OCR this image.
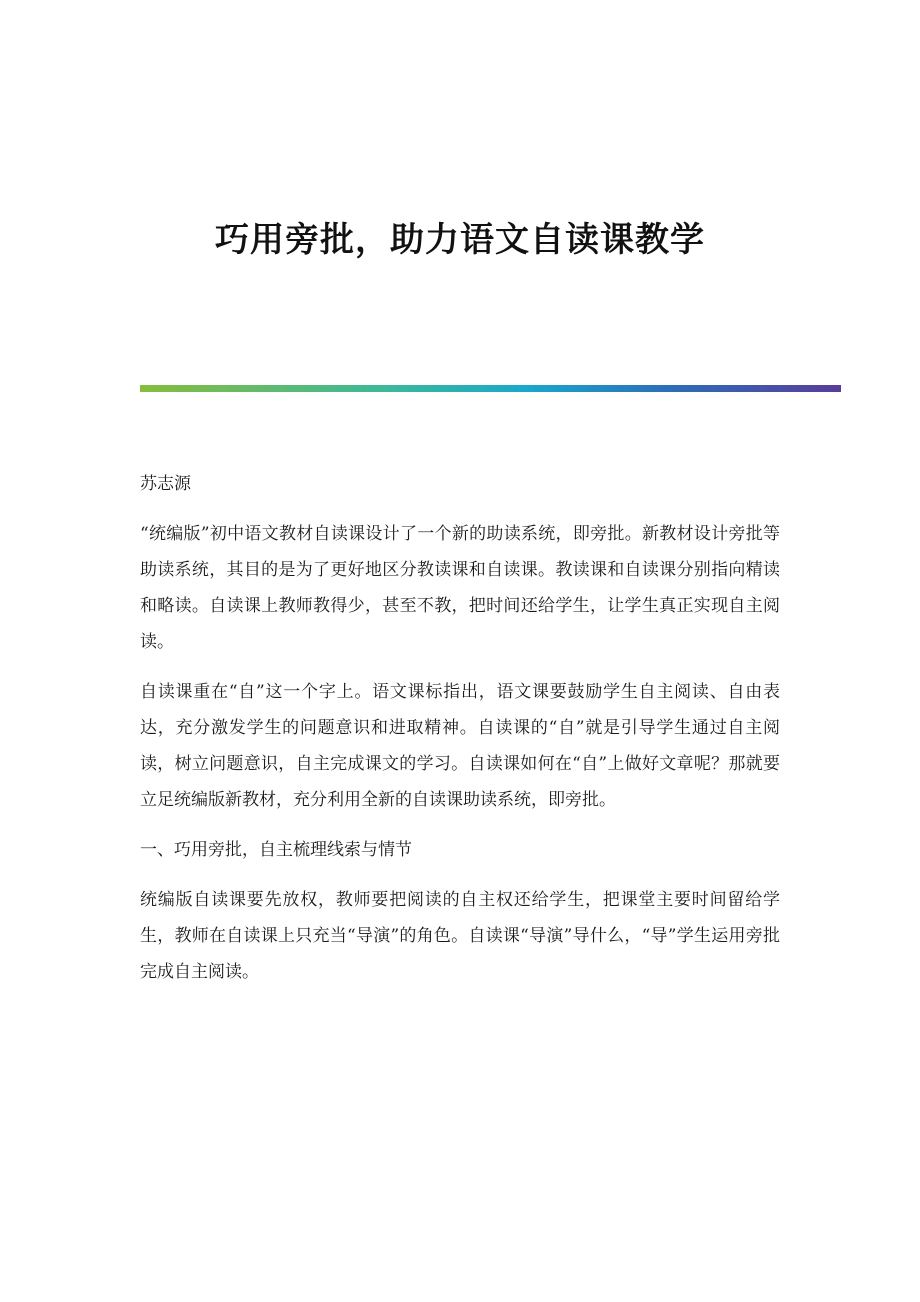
巧用旁批，助力语文自读课教学

苏志源

“统编版”初中语文教材自读课设计了一个新的助读系统，即旁批。新教材设计旁批等助读系统，其目的是为了更好地区分教读课和自读课。教读课和自读课分别指向精读和略读。自读课上教师教得少，甚至不教，把时间还给学生，让学生真正实现自主阅读。

自读课重在“自”这一个字上。语文课标指出，语文课要鼓励学生自主阅读、自由表达，充分激发学生的问题意识和进取精神。自读课的“自”就是引导学生通过自主阅读，树立问题意识，自主完成课文的学习。自读课如何在“自”上做好文章呢？那就要立足统编版新教材，充分利用全新的自读课助读系统，即旁批。

一、巧用旁批，自主梳理线索与情节

统编版自读课要先放权，教师要把阅读的自主权还给学生，把课堂主要时间留给学生，教师在自读课上只充当“导演”的角色。自读课“导演”导什么，“导”学生运用旁批完成自主阅读。
